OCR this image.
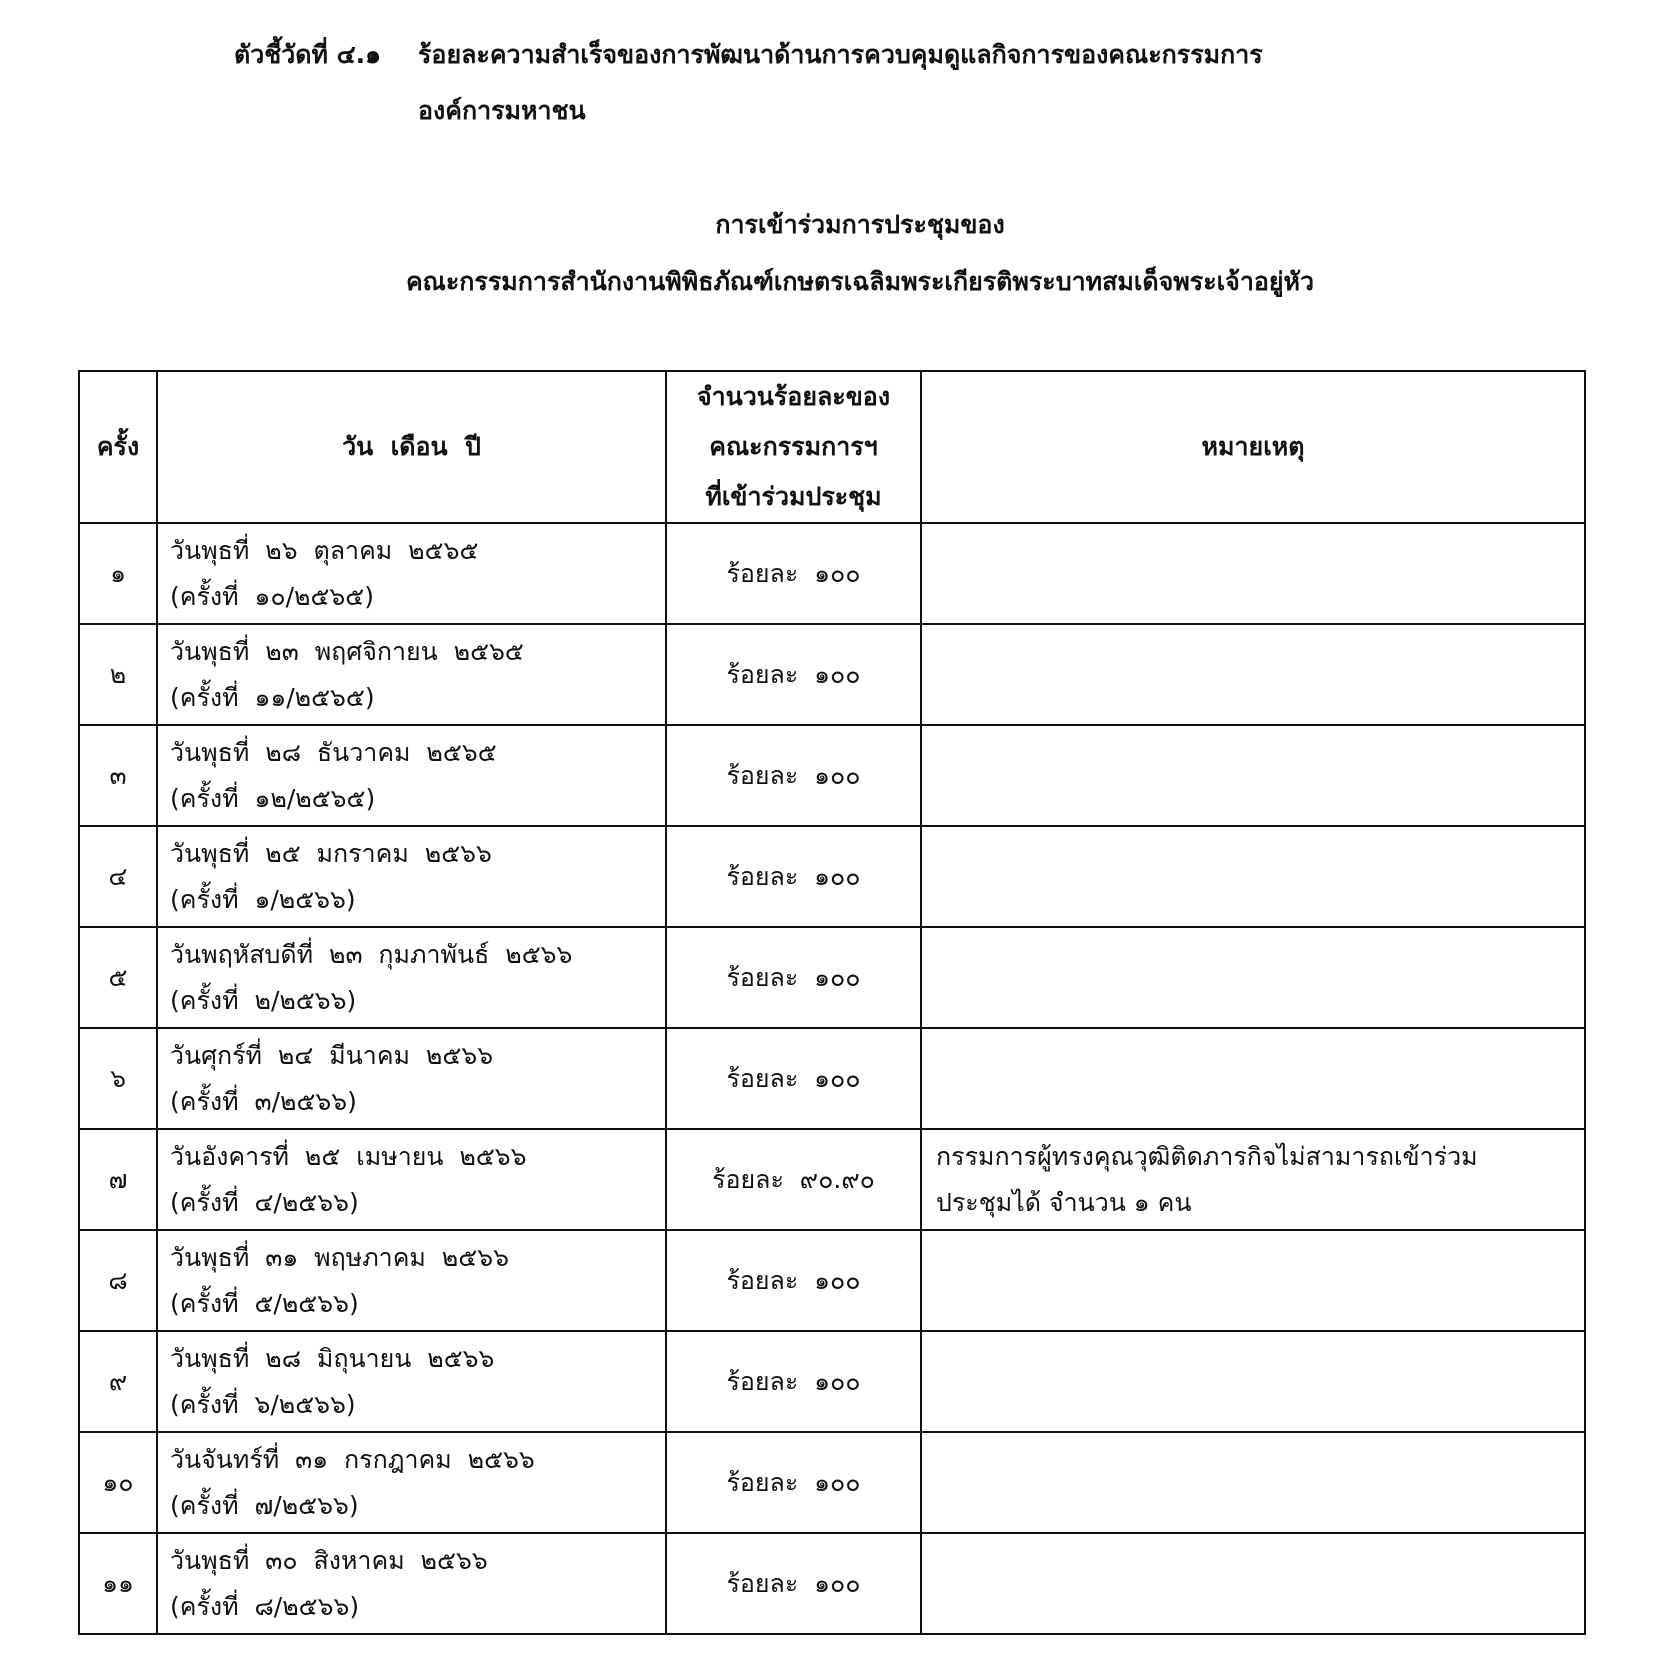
ตัวชี้วัดที่ ๔.๑ ร้อยละความสำเร็จของการพัฒนาด้านการควบคุมดูแลกิจการของคณะกรรมการ
องค์การมหาชน
การเข้าร่วมการประชุมของ
คณะกรรมการสำนักงานพิพิธภัณฑ์เกษตรเฉลิมพระเกียรติพระบาทสมเด็จพระเจ้าอยู่หัว
ครั้ง	วัน  เดือน  ปี	จำนวนร้อยละของ
คณะกรรมการฯ
ที่เข้าร่วมประชุม	หมายเหตุ
๑	วันพุธที่  ๒๖  ตุลาคม  ๒๕๖๕
(ครั้งที่  ๑๐/๒๕๖๕)	ร้อยละ  ๑๐๐	

๒	วันพุธที่  ๒๓  พฤศจิกายน  ๒๕๖๕
(ครั้งที่  ๑๑/๒๕๖๕)	ร้อยละ  ๑๐๐	

๓	วันพุธที่  ๒๘  ธันวาคม  ๒๕๖๕
(ครั้งที่  ๑๒/๒๕๖๕)	ร้อยละ  ๑๐๐	

๔	วันพุธที่  ๒๕  มกราคม  ๒๕๖๖
(ครั้งที่  ๑/๒๕๖๖)	ร้อยละ  ๑๐๐	

๕	วันพฤหัสบดีที่  ๒๓  กุมภาพันธ์  ๒๕๖๖
(ครั้งที่  ๒/๒๕๖๖)	ร้อยละ  ๑๐๐	

๖	วันศุกร์ที่  ๒๔  มีนาคม  ๒๕๖๖
(ครั้งที่  ๓/๒๕๖๖)	ร้อยละ  ๑๐๐	

๗	วันอังคารที่  ๒๕  เมษายน  ๒๕๖๖
(ครั้งที่  ๔/๒๕๖๖)	ร้อยละ  ๙๐.๙๐	กรรมการผู้ทรงคุณวุฒิติดภารกิจไม่สามารถเข้าร่วม
ประชุมได้ จำนวน ๑ คน

๘	วันพุธที่  ๓๑  พฤษภาคม  ๒๕๖๖
(ครั้งที่  ๕/๒๕๖๖)	ร้อยละ  ๑๐๐	

๙	วันพุธที่  ๒๘  มิถุนายน  ๒๕๖๖
(ครั้งที่  ๖/๒๕๖๖)	ร้อยละ  ๑๐๐	

๑๐	วันจันทร์ที่  ๓๑  กรกฎาคม  ๒๕๖๖
(ครั้งที่  ๗/๒๕๖๖)	ร้อยละ  ๑๐๐	

๑๑	วันพุธที่  ๓๐  สิงหาคม  ๒๕๖๖
(ครั้งที่  ๘/๒๕๖๖)	ร้อยละ  ๑๐๐	
